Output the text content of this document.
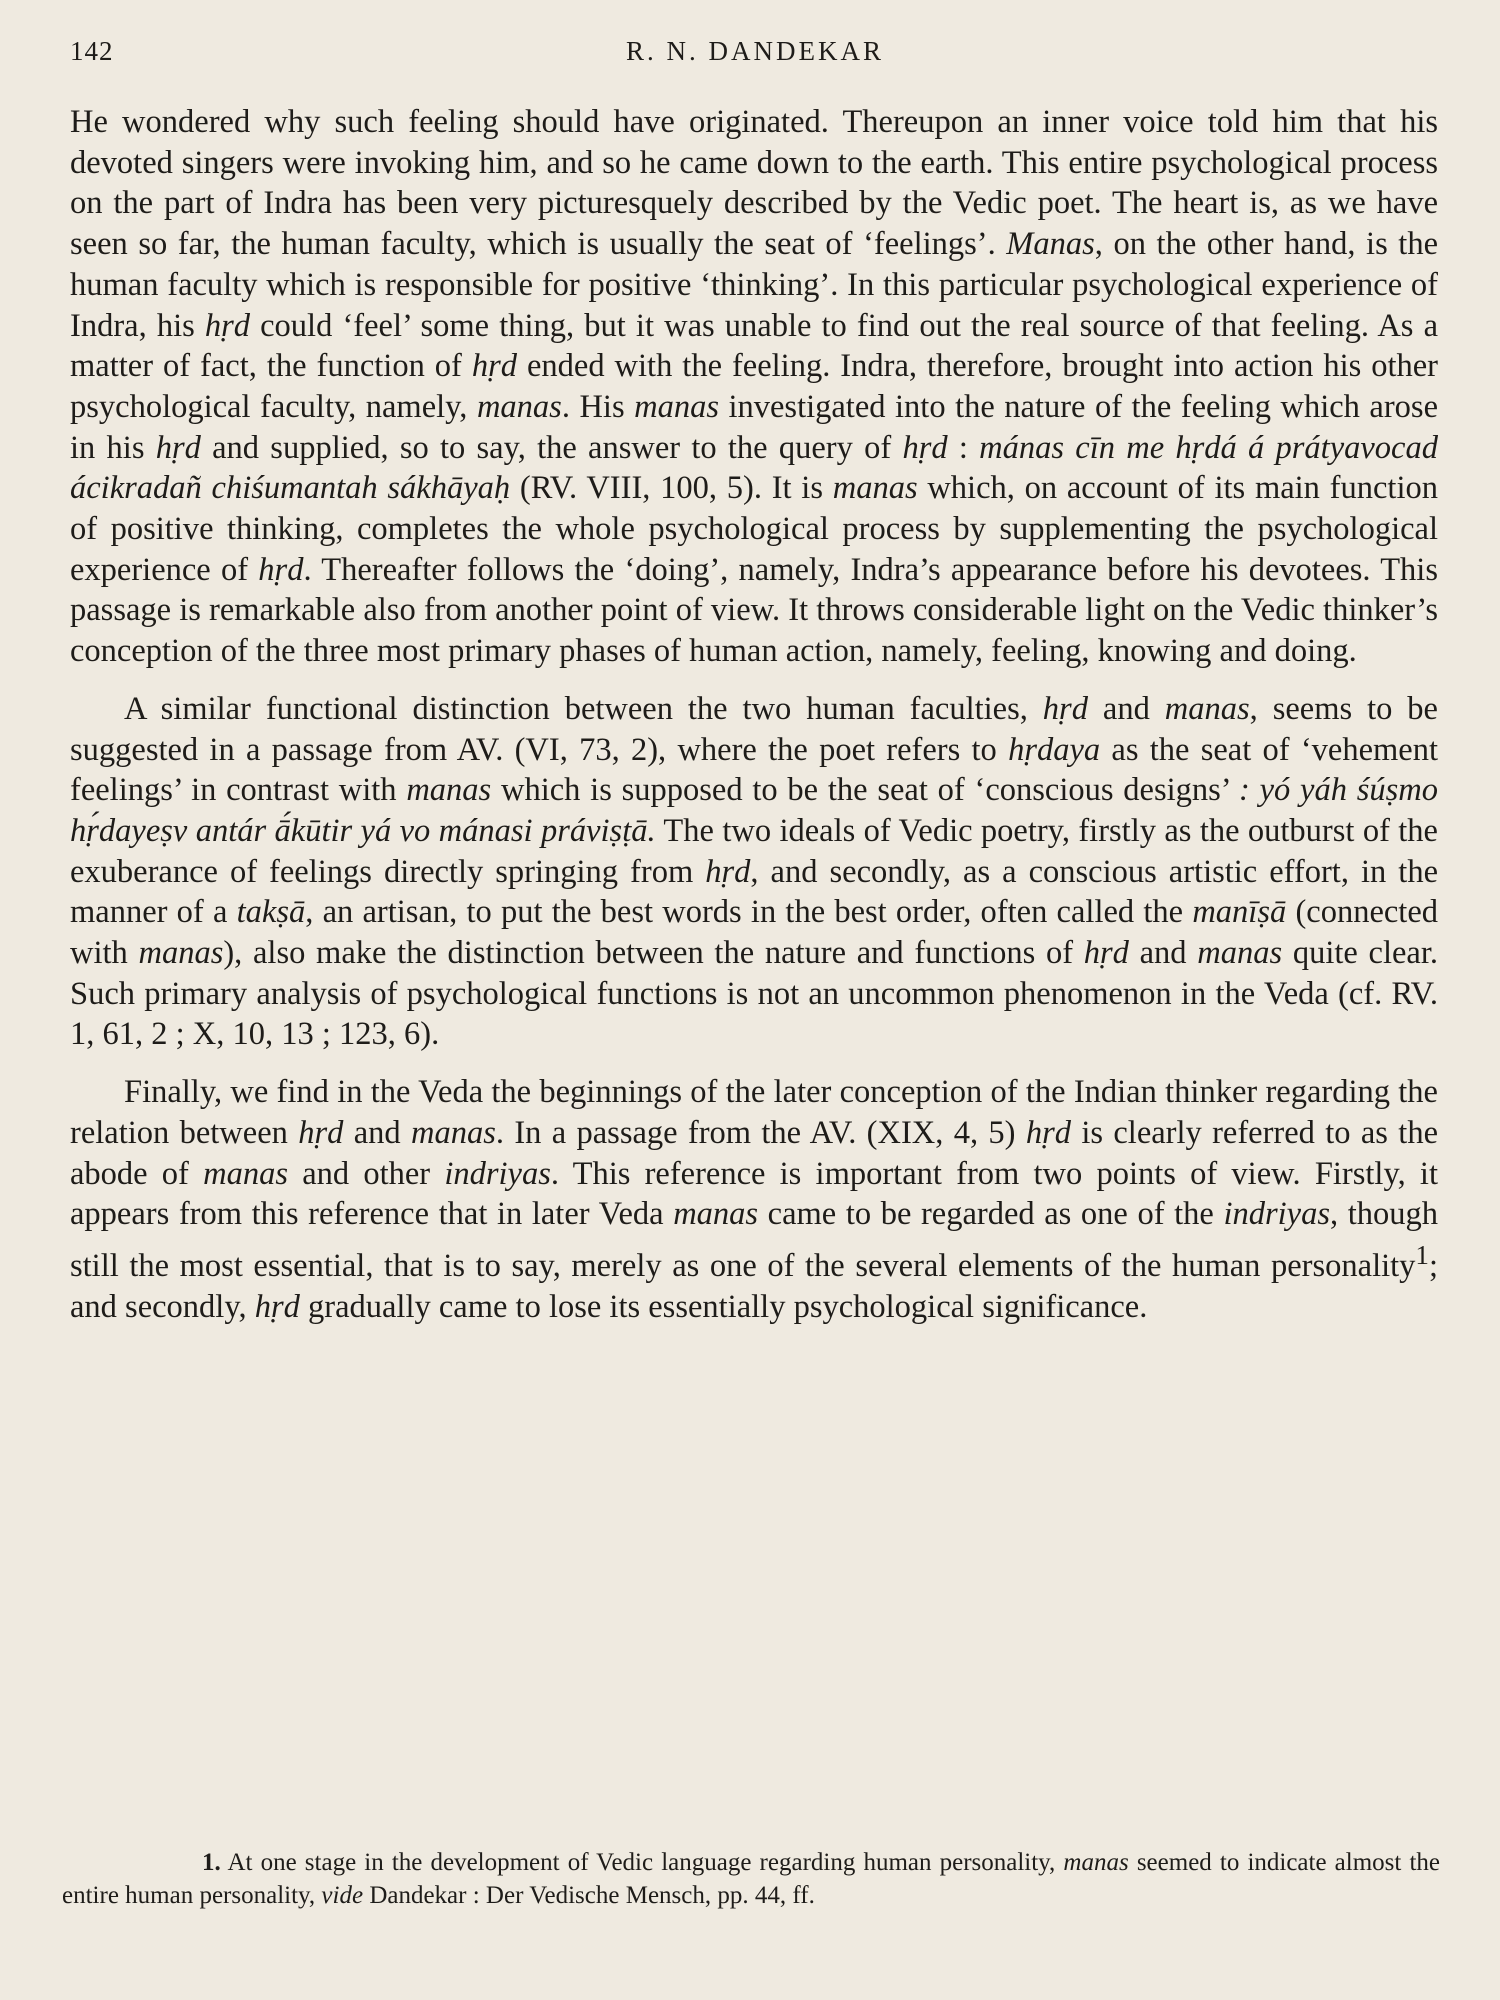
142	R. N. DANDEKAR

He wondered why such feeling should have originated. Thereupon an inner voice told him that his devoted singers were invoking him, and so he came down to the earth. This entire psychological process on the part of Indra has been very picturesquely described by the Vedic poet. The heart is, as we have seen so far, the human faculty, which is usually the seat of ‘feelings’. Manas, on the other hand, is the human faculty which is responsible for positive ‘thinking’. In this particular psychological experience of Indra, his hṛd could ‘feel’ some thing, but it was unable to find out the real source of that feeling. As a matter of fact, the function of hṛd ended with the feeling. Indra, therefore, brought into action his other psychological faculty, namely, manas. His manas investigated into the nature of the feeling which arose in his hṛd and supplied, so to say, the answer to the query of hṛd : mánas cīn me hṛdá á prátyavocad ácikradañ chiśumantah sákhāyaḥ (RV. VIII, 100, 5). It is manas which, on account of its main function of positive thinking, completes the whole psychological process by supplementing the psychological experience of hṛd. Thereafter follows the ‘doing’, namely, Indra’s appearance before his devotees. This passage is remarkable also from another point of view. It throws considerable light on the Vedic thinker’s conception of the three most primary phases of human action, namely, feeling, knowing and doing.

A similar functional distinction between the two human faculties, hṛd and manas, seems to be suggested in a passage from AV. (VI, 73, 2), where the poet refers to hṛdaya as the seat of ‘vehement feelings’ in contrast with manas which is supposed to be the seat of ‘conscious designs’ : yó yáh śúṣmo hṛ́dayeṣv antár ā́kūtir yá vo mánasi práviṣṭā. The two ideals of Vedic poetry, firstly as the outburst of the exuberance of feelings directly springing from hṛd, and secondly, as a conscious artistic effort, in the manner of a takṣā, an artisan, to put the best words in the best order, often called the manīṣā (connected with manas), also make the distinction between the nature and functions of hṛd and manas quite clear. Such primary analysis of psychological functions is not an uncommon phenomenon in the Veda (cf. RV. 1, 61, 2 ; X, 10, 13 ; 123, 6).

Finally, we find in the Veda the beginnings of the later conception of the Indian thinker regarding the relation between hṛd and manas. In a passage from the AV. (XIX, 4, 5) hṛd is clearly referred to as the abode of manas and other indriyas. This reference is important from two points of view. Firstly, it appears from this reference that in later Veda manas came to be regarded as one of the indriyas, though still the most essential, that is to say, merely as one of the several elements of the human personality$^1$; and secondly, hṛd gradually came to lose its essentially psychological significance.

1. At one stage in the development of Vedic language regarding human personality, manas seemed to indicate almost the entire human personality, vide Dandekar : Der Vedische Mensch, pp. 44, ff.
